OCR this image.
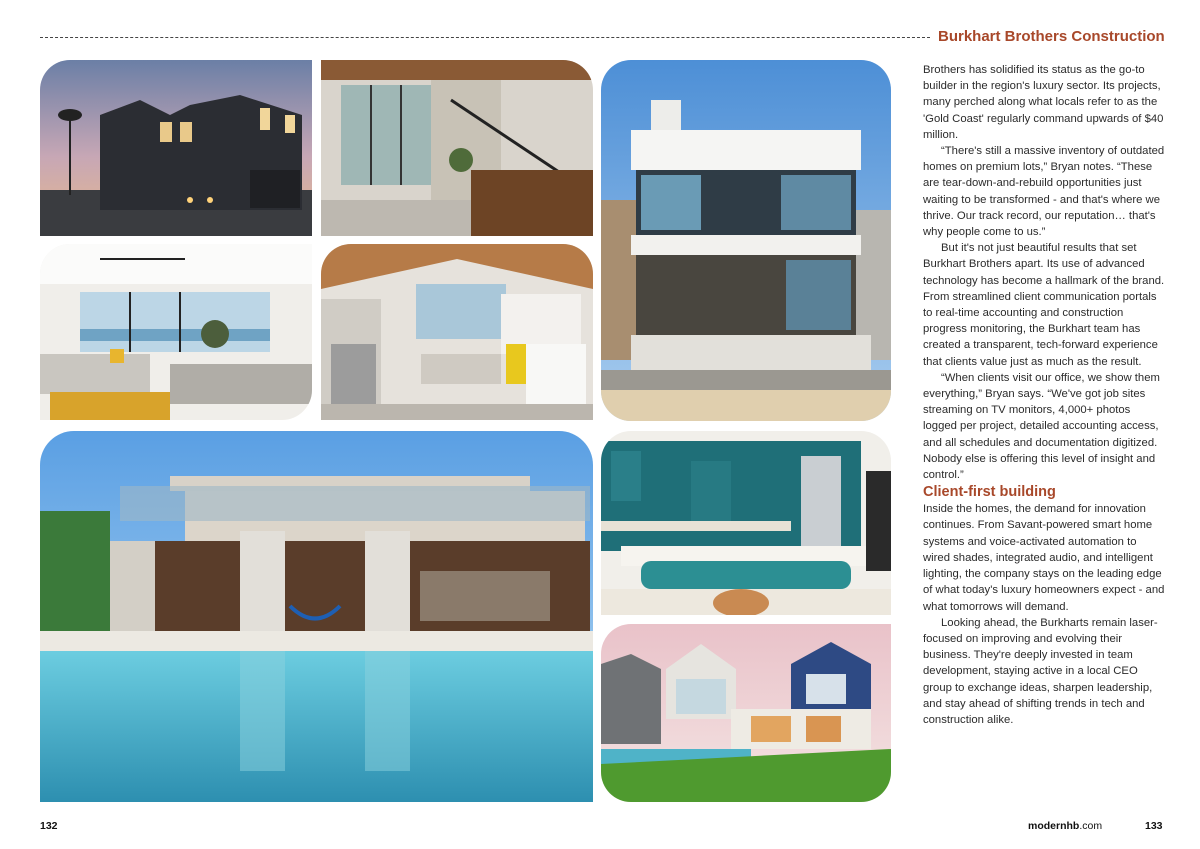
Burkhart Brothers Construction

Brothers has solidified its status as the go-to builder in the region's luxury sector. Its projects, many perched along what locals refer to as the 'Gold Coast' regularly command upwards of $40 million.

“There's still a massive inventory of outdated homes on premium lots,” Bryan notes. “These are tear-down-and-rebuild opportunities just waiting to be transformed - and that's where we thrive. Our track record, our reputation… that's why people come to us.”

But it's not just beautiful results that set Burkhart Brothers apart. Its use of advanced technology has become a hallmark of the brand. From streamlined client communication portals to real-time accounting and construction progress monitoring, the Burkhart team has created a transparent, tech-forward experience that clients value just as much as the result.

“When clients visit our office, we show them everything,” Bryan says. “We've got job sites streaming on TV monitors, 4,000+ photos logged per project, detailed accounting access, and all schedules and documentation digitized. Nobody else is offering this level of insight and control.”

Client-first building

Inside the homes, the demand for innovation continues. From Savant-powered smart home systems and voice-activated automation to wired shades, integrated audio, and intelligent lighting, the company stays on the leading edge of what today's luxury homeowners expect - and what tomorrows will demand.

Looking ahead, the Burkharts remain laser-focused on improving and evolving their business. They're deeply invested in team development, staying active in a local CEO group to exchange ideas, sharpen leadership, and stay ahead of shifting trends in tech and construction alike.

132	modernhb.com	133
